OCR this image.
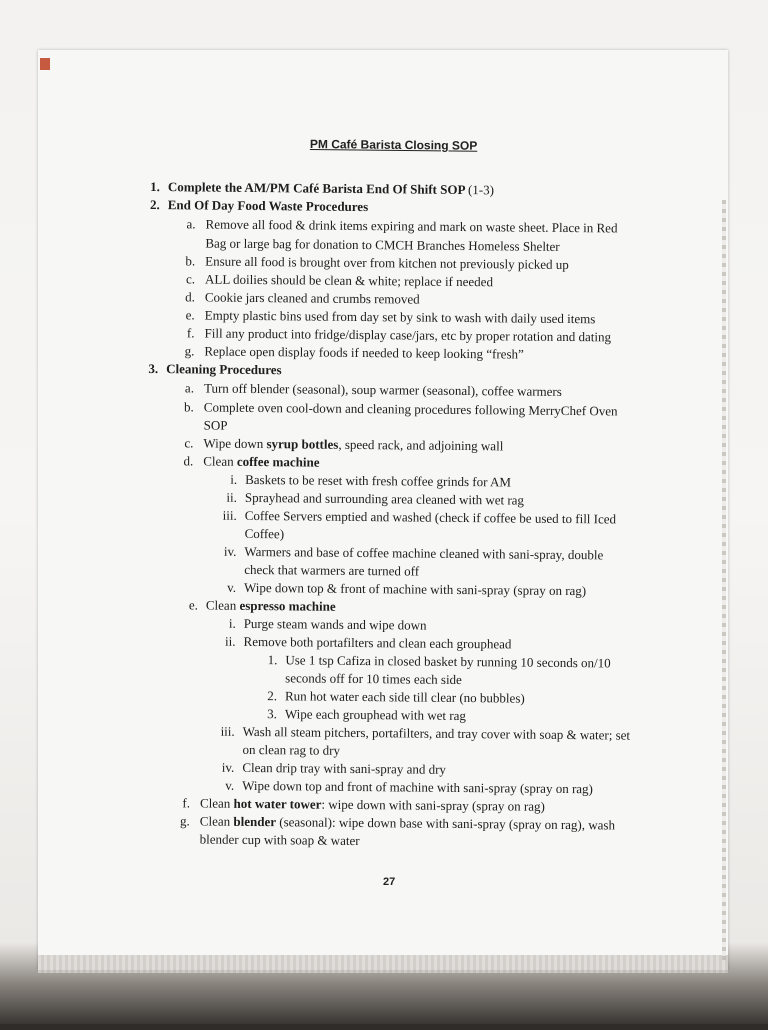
PM Café Barista Closing SOP
1. Complete the AM/PM Café Barista End Of Shift SOP (1-3)
2. End Of Day Food Waste Procedures
a. Remove all food & drink items expiring and mark on waste sheet. Place in Red
Bag or large bag for donation to CMCH Branches Homeless Shelter
b. Ensure all food is brought over from kitchen not previously picked up
c. ALL doilies should be clean & white; replace if needed
d. Cookie jars cleaned and crumbs removed
e. Empty plastic bins used from day set by sink to wash with daily used items
f. Fill any product into fridge/display case/jars, etc by proper rotation and dating
g. Replace open display foods if needed to keep looking “fresh”
3. Cleaning Procedures
a. Turn off blender (seasonal), soup warmer (seasonal), coffee warmers
b. Complete oven cool-down and cleaning procedures following MerryChef Oven
SOP
c. Wipe down syrup bottles, speed rack, and adjoining wall
d. Clean coffee machine
i. Baskets to be reset with fresh coffee grinds for AM
ii. Sprayhead and surrounding area cleaned with wet rag
iii. Coffee Servers emptied and washed (check if coffee be used to fill Iced
Coffee)
iv. Warmers and base of coffee machine cleaned with sani-spray, double
check that warmers are turned off
v. Wipe down top & front of machine with sani-spray (spray on rag)
e. Clean espresso machine
i. Purge steam wands and wipe down
ii. Remove both portafilters and clean each grouphead
1. Use 1 tsp Cafiza in closed basket by running 10 seconds on/10
seconds off for 10 times each side
2. Run hot water each side till clear (no bubbles)
3. Wipe each grouphead with wet rag
iii. Wash all steam pitchers, portafilters, and tray cover with soap & water; set
on clean rag to dry
iv. Clean drip tray with sani-spray and dry
v. Wipe down top and front of machine with sani-spray (spray on rag)
f. Clean hot water tower: wipe down with sani-spray (spray on rag)
g. Clean blender (seasonal): wipe down base with sani-spray (spray on rag), wash
blender cup with soap & water
27
